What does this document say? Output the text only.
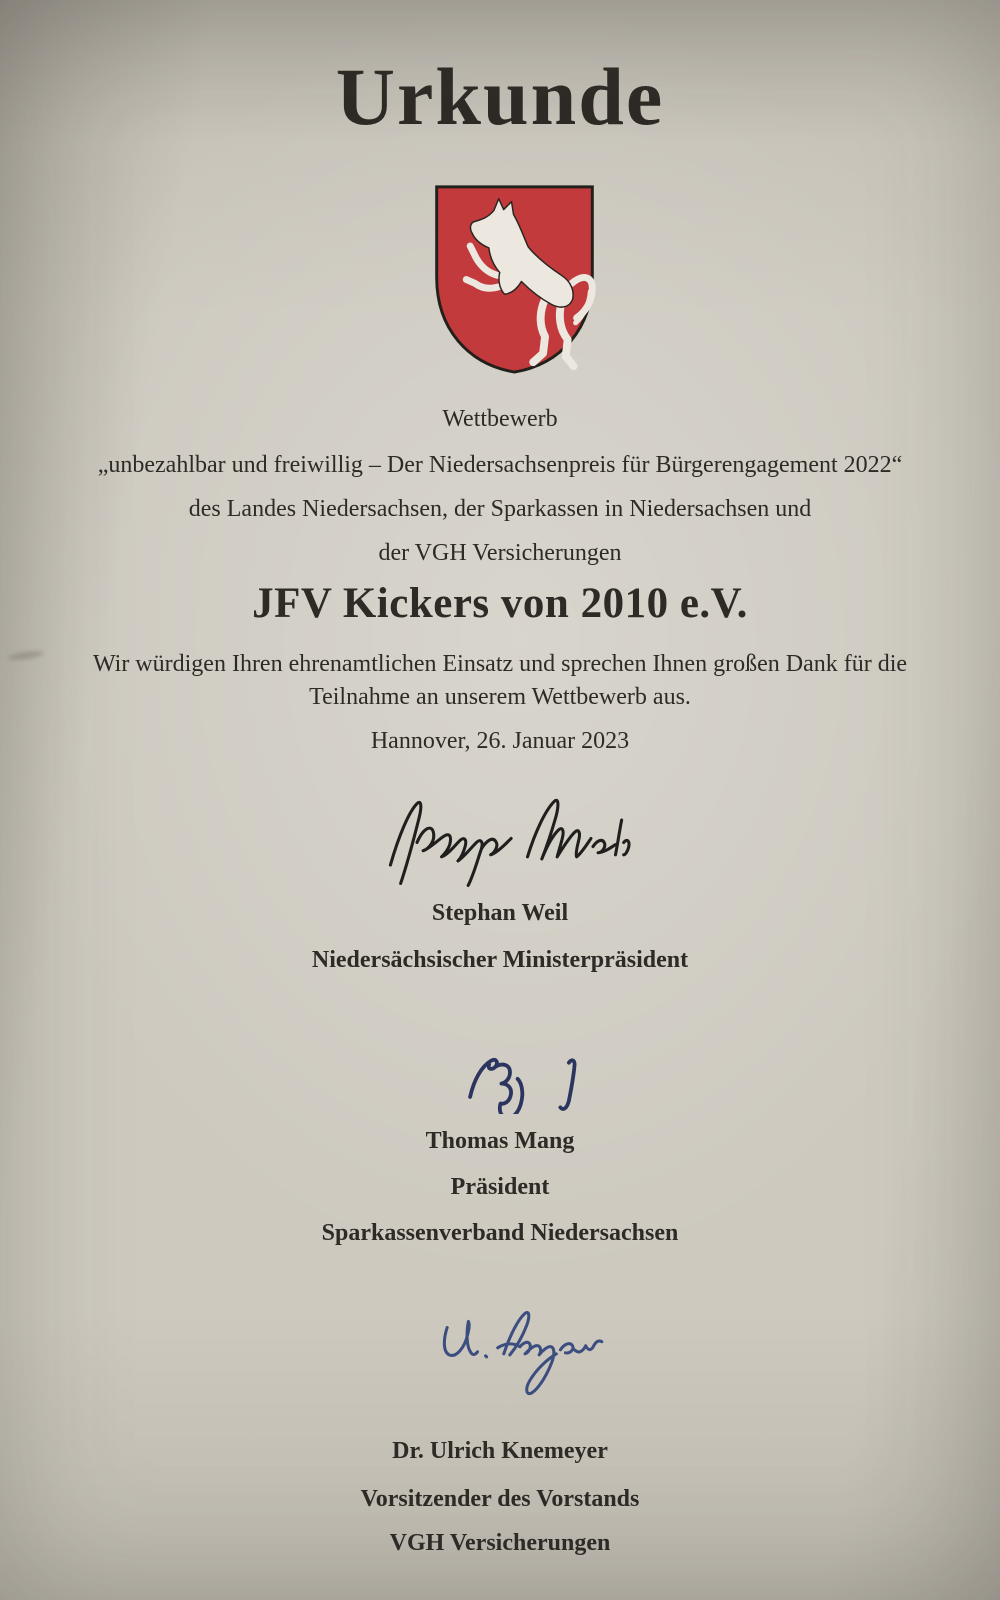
Urkunde
Wettbewerb
„unbezahlbar und freiwillig – Der Niedersachsenpreis für Bürgerengagement 2022“
des Landes Niedersachsen, der Sparkassen in Niedersachsen und
der VGH Versicherungen
JFV Kickers von 2010 e.V.
Wir würdigen Ihren ehrenamtlichen Einsatz und sprechen Ihnen großen Dank für die
Teilnahme an unserem Wettbewerb aus.
Hannover, 26. Januar 2023
Stephan Weil
Niedersächsischer Ministerpräsident
Thomas Mang
Präsident
Sparkassenverband Niedersachsen
Dr. Ulrich Knemeyer
Vorsitzender des Vorstands
VGH Versicherungen
